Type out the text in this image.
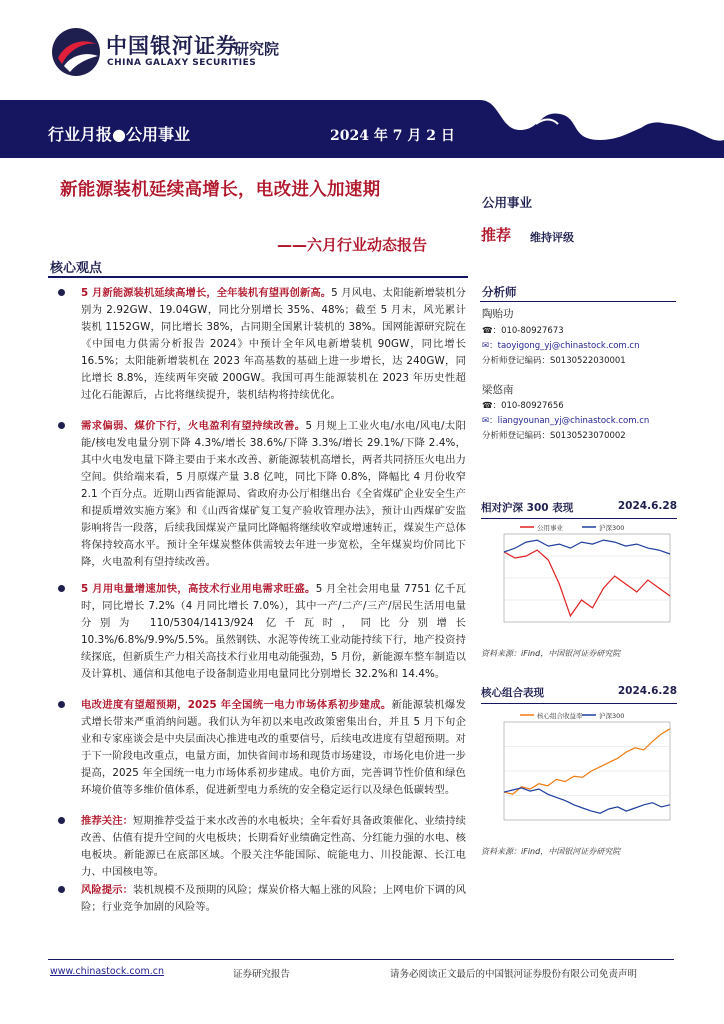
中国银河证券
研究院
CHINA GALAXY SECURITIES
行业月报●公用事业	2024 年 7 月 2 日
新能源装机延续高增长，电改进入加速期
——六月行业动态报告
核心观点
5 月新能源装机延续高增长，全年装机有望再创新高。5 月风电、太阳能新增装机分别为 2.92GW、19.04GW，同比分别增长 35%、48%；截至 5 月末，风光累计装机 1152GW，同比增长 38%，占同期全国累计装机的 38%。国网能源研究院在《中国电力供需分析报告 2024》中预计全年风电新增装机 90GW，同比增长 16.5%；太阳能新增装机在 2023 年高基数的基础上进一步增长，达 240GW，同比增长 8.8%，连续两年突破 200GW。我国可再生能源装机在 2023 年历史性超过化石能源后，占比将继续提升，装机结构将持续优化。
需求偏弱、煤价下行，火电盈利有望持续改善。5 月规上工业火电/水电/风电/太阳能/核电发电量分别下降 4.3%/增长 38.6%/下降 3.3%/增长 29.1%/下降 2.4%，其中火电发电量下降主要由于来水改善、新能源装机高增长，两者共同挤压火电出力空间。供给端来看，5 月原煤产量 3.8 亿吨，同比下降 0.8%，降幅比 4 月份收窄 2.1 个百分点。近期山西省能源局、省政府办公厅相继出台《全省煤矿企业安全生产和提质增效实施方案》和《山西省煤矿复工复产验收管理办法》，预计山西煤矿安监影响将告一段落，后续我国煤炭产量同比降幅将继续收窄或增速转正，煤炭生产总体将保持较高水平。预计全年煤炭整体供需较去年进一步宽松，全年煤炭均价同比下降，火电盈利有望持续改善。
5 月用电量增速加快，高技术行业用电需求旺盛。5 月全社会用电量 7751 亿千瓦时，同比增长 7.2%（4 月同比增长 7.0%），其中一产/二产/三产/居民生活用电量分别为 110/5304/1413/924 亿千瓦时，同比分别增长 10.3%/6.8%/9.9%/5.5%。虽然钢铁、水泥等传统工业动能持续下行，地产投资持续探底，但新质生产力相关高技术行业用电动能强劲，5 月份，新能源车整车制造以及计算机、通信和其他电子设备制造业用电量同比分别增长 32.2%和 14.4%。
电改进度有望超预期，2025 年全国统一电力市场体系初步建成。新能源装机爆发式增长带来严重消纳问题。我们认为年初以来电改政策密集出台，并且 5 月下旬企业和专家座谈会是中央层面决心推进电改的重要信号，后续电改进度有望超预期。对于下一阶段电改重点，电量方面，加快省间市场和现货市场建设，市场化电价进一步提高，2025 年全国统一电力市场体系初步建成。电价方面，完善调节性价值和绿色环境价值等多维价值体系，促进新型电力系统的安全稳定运行以及绿色低碳转型。
推荐关注：短期推荐受益于来水改善的水电板块；全年看好具备政策催化、业绩持续改善、估值有提升空间的火电板块；长期看好业绩确定性高、分红能力强的水电、核电板块。新能源已在底部区域。个股关注华能国际、皖能电力、川投能源、长江电力、中国核电等。
风险提示：装机规模不及预期的风险；煤炭价格大幅上涨的风险；上网电价下调的风险；行业竞争加剧的风险等。
公用事业
推荐 维持评级
分析师
陶贻功
☎：010-80927673
✉：taoyigong_yj@chinastock.com.cn
分析师登记编码：S0130522030001
梁悠南
☎：010-80927656
✉：liangyounan_yj@chinastock.com.cn
分析师登记编码：S0130523070002
相对沪深 300 表现	2024.6.28
公用事业	沪深300
资料来源：iFind，中国银河证券研究院
核心组合表现	2024.6.28
核心组合收益率	沪深300
资料来源：iFind，中国银河证券研究院
www.chinastock.com.cn	证券研究报告	请务必阅读正文最后的中国银河证券股份有限公司免责声明
